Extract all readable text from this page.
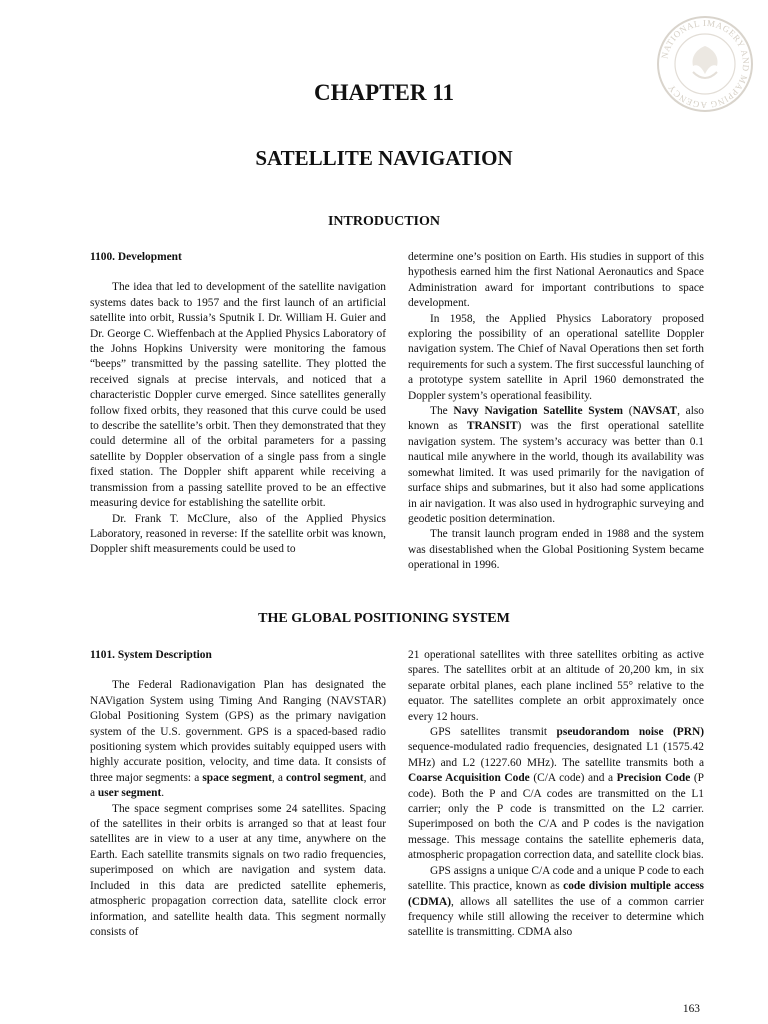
NATIONAL IMAGERY AND MAPPING AGENCY
CHAPTER 11
SATELLITE NAVIGATION
INTRODUCTION
1100. Development

The idea that led to development of the satellite navigation systems dates back to 1957 and the first launch of an artificial satellite into orbit, Russia’s Sputnik I. Dr. William H. Guier and Dr. George C. Wieffenbach at the Applied Physics Laboratory of the Johns Hopkins University were monitoring the famous “beeps” transmitted by the passing satellite. They plotted the received signals at precise intervals, and noticed that a characteristic Doppler curve emerged. Since satellites generally follow fixed orbits, they reasoned that this curve could be used to describe the satellite’s orbit. Then they demonstrated that they could determine all of the orbital parameters for a passing satellite by Doppler observation of a single pass from a single fixed station. The Doppler shift apparent while receiving a transmission from a passing satellite proved to be an effective measuring device for establishing the satellite orbit.

Dr. Frank T. McClure, also of the Applied Physics Laboratory, reasoned in reverse: If the satellite orbit was known, Doppler shift measurements could be used to

determine one’s position on Earth. His studies in support of this hypothesis earned him the first National Aeronautics and Space Administration award for important contributions to space development.

In 1958, the Applied Physics Laboratory proposed exploring the possibility of an operational satellite Doppler navigation system. The Chief of Naval Operations then set forth requirements for such a system. The first successful launching of a prototype system satellite in April 1960 demonstrated the Doppler system’s operational feasibility.

The Navy Navigation Satellite System (NAVSAT, also known as TRANSIT) was the first operational satellite navigation system. The system’s accuracy was better than 0.1 nautical mile anywhere in the world, though its availability was somewhat limited. It was used primarily for the navigation of surface ships and submarines, but it also had some applications in air navigation. It was also used in hydrographic surveying and geodetic position determination.

The transit launch program ended in 1988 and the system was disestablished when the Global Positioning System became operational in 1996.

THE GLOBAL POSITIONING SYSTEM
1101. System Description

The Federal Radionavigation Plan has designated the NAVigation System using Timing And Ranging (NAVSTAR) Global Positioning System (GPS) as the primary navigation system of the U.S. government. GPS is a spaced-based radio positioning system which provides suitably equipped users with highly accurate position, velocity, and time data. It consists of three major segments: a space segment, a control segment, and a user segment.

The space segment comprises some 24 satellites. Spacing of the satellites in their orbits is arranged so that at least four satellites are in view to a user at any time, anywhere on the Earth. Each satellite transmits signals on two radio frequencies, superimposed on which are navigation and system data. Included in this data are predicted satellite ephemeris, atmospheric propagation correction data, satellite clock error information, and satellite health data. This segment normally consists of

21 operational satellites with three satellites orbiting as active spares. The satellites orbit at an altitude of 20,200 km, in six separate orbital planes, each plane inclined 55° relative to the equator. The satellites complete an orbit approximately once every 12 hours.

GPS satellites transmit pseudorandom noise (PRN) sequence-modulated radio frequencies, designated L1 (1575.42 MHz) and L2 (1227.60 MHz). The satellite transmits both a Coarse Acquisition Code (C/A code) and a Precision Code (P code). Both the P and C/A codes are transmitted on the L1 carrier; only the P code is transmitted on the L2 carrier. Superimposed on both the C/A and P codes is the navigation message. This message contains the satellite ephemeris data, atmospheric propagation correction data, and satellite clock bias.

GPS assigns a unique C/A code and a unique P code to each satellite. This practice, known as code division multiple access (CDMA), allows all satellites the use of a common carrier frequency while still allowing the receiver to determine which satellite is transmitting. CDMA also

163
